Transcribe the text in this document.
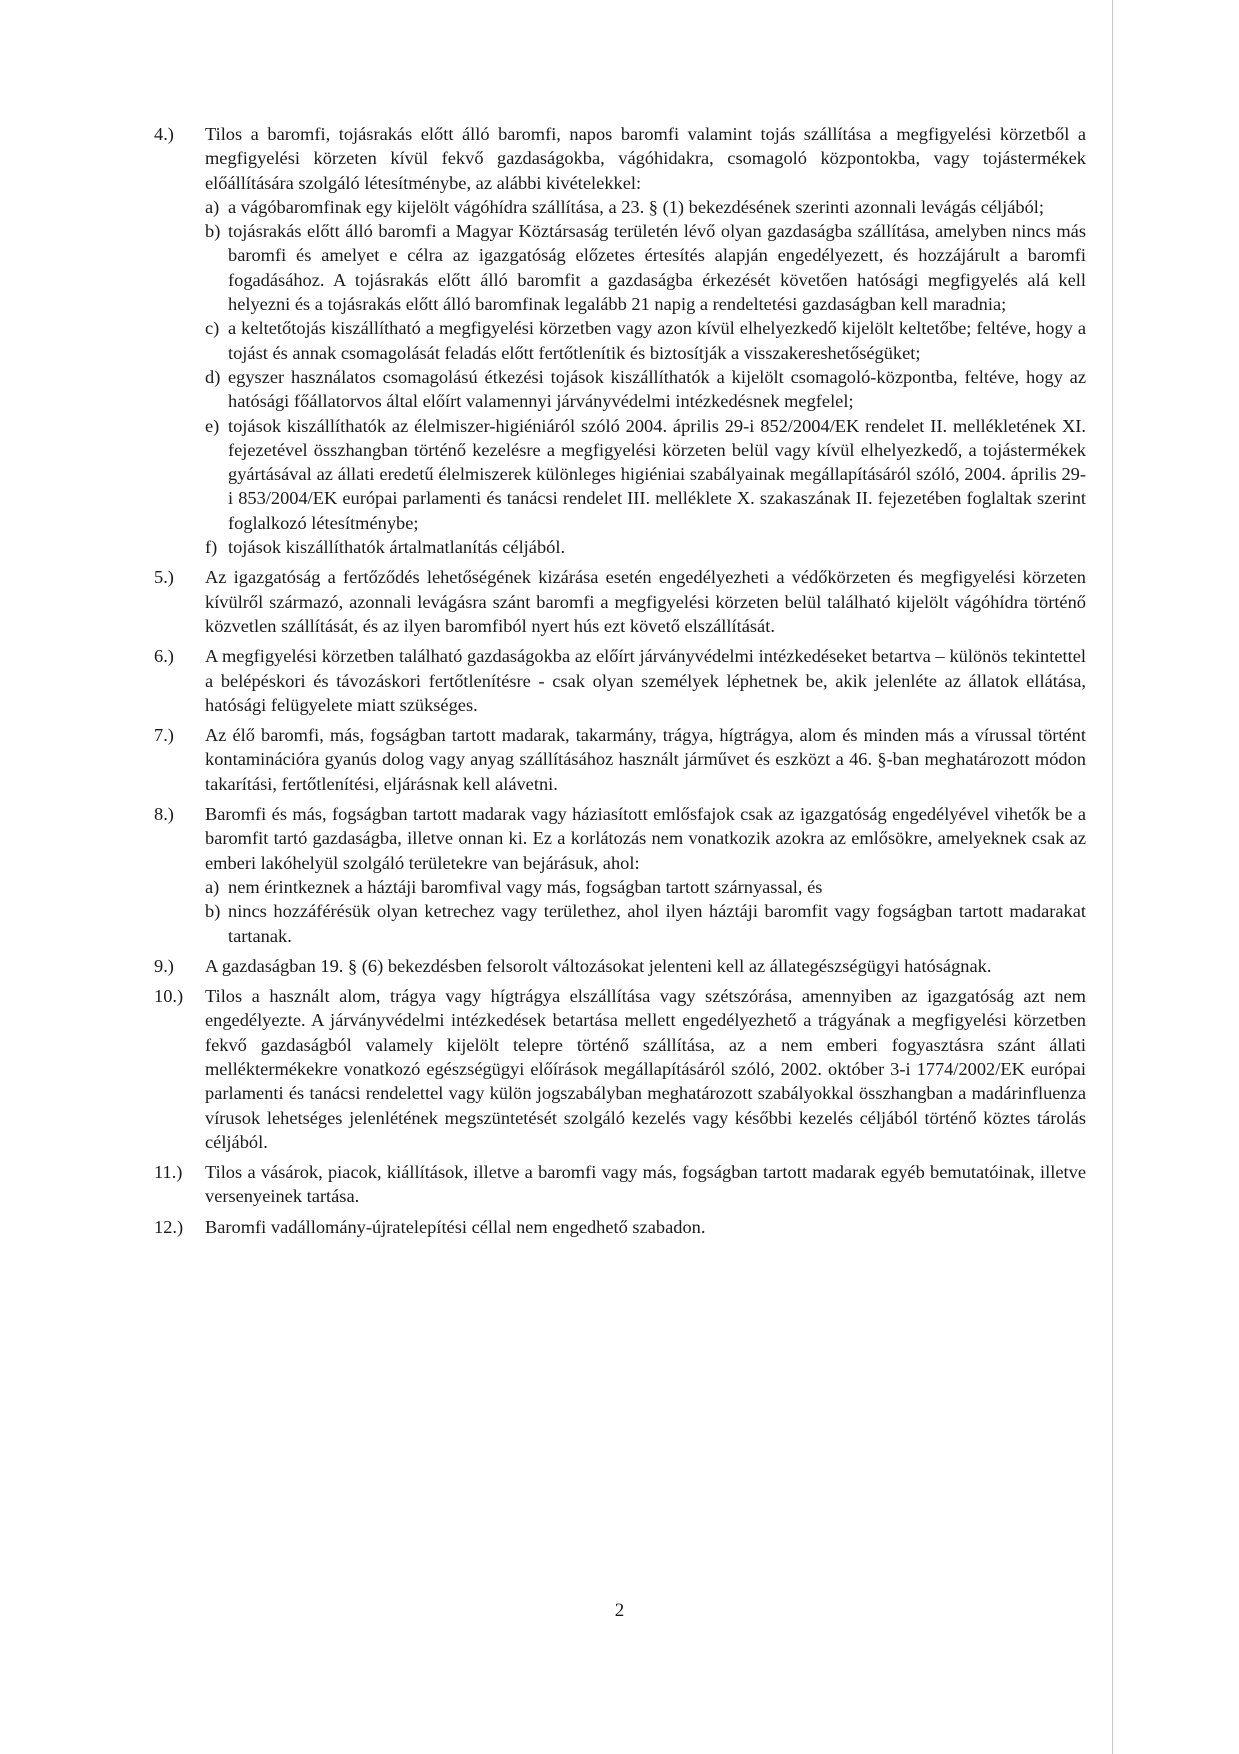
4.)	Tilos a baromfi, tojásrakás előtt álló baromfi, napos baromfi valamint tojás szállítása a megfigyelési körzetből a megfigyelési körzeten kívül fekvő gazdaságokba, vágóhidakra, csomagoló központokba, vagy tojástermékek előállítására szolgáló létesítménybe, az alábbi kivételekkel:
a) a vágóbaromfinak egy kijelölt vágóhídra szállítása, a 23. § (1) bekezdésének szerinti azonnali levágás céljából;
b) tojásrakás előtt álló baromfi a Magyar Köztársaság területén lévő olyan gazdaságba szállítása, amelyben nincs más baromfi és amelyet e célra az igazgatóság előzetes értesítés alapján engedélyezett, és hozzájárult a baromfi fogadásához. A tojásrakás előtt álló baromfit a gazdaságba érkezését követően hatósági megfigyelés alá kell helyezni és a tojásrakás előtt álló baromfinak legalább 21 napig a rendeltetési gazdaságban kell maradnia;
c) a keltetőtojás kiszállítható a megfigyelési körzetben vagy azon kívül elhelyezkedő kijelölt keltetőbe; feltéve, hogy a tojást és annak csomagolását feladás előtt fertőtlenítik és biztosítják a visszakereshetőségüket;
d) egyszer használatos csomagolású étkezési tojások kiszállíthatók a kijelölt csomagoló-központba, feltéve, hogy az hatósági főállatorvos által előírt valamennyi járványvédelmi intézkedésnek megfelel;
e) tojások kiszállíthatók az élelmiszer-higiéniáról szóló 2004. április 29-i 852/2004/EK rendelet II. mellékletének XI. fejezetével összhangban történő kezelésre a megfigyelési körzeten belül vagy kívül elhelyezkedő, a tojástermékek gyártásával az állati eredetű élelmiszerek különleges higiéniai szabályainak megállapításáról szóló, 2004. április 29-i 853/2004/EK európai parlamenti és tanácsi rendelet III. melléklete X. szakaszának II. fejezetében foglaltak szerint foglalkozó létesítménybe;
f) tojások kiszállíthatók ártalmatlanítás céljából.
5.)	Az igazgatóság a fertőződés lehetőségének kizárása esetén engedélyezheti a védőkörzeten és megfigyelési körzeten kívülről származó, azonnali levágásra szánt baromfi a megfigyelési körzeten belül található kijelölt vágóhídra történő közvetlen szállítását, és az ilyen baromfiból nyert hús ezt követő elszállítását.
6.)	A megfigyelési körzetben található gazdaságokba az előírt járványvédelmi intézkedéseket betartva – különös tekintettel a belépéskori és távozáskori fertőtlenítésre - csak olyan személyek léphetnek be, akik jelenléte az állatok ellátása, hatósági felügyelete miatt szükséges.
7.)	Az élő baromfi, más, fogságban tartott madarak, takarmány, trágya, hígtrágya, alom és minden más a vírussal történt kontaminációra gyanús dolog vagy anyag szállításához használt járművet és eszközt a 46. §-ban meghatározott módon takarítási, fertőtlenítési, eljárásnak kell alávetni.
8.)	Baromfi és más, fogságban tartott madarak vagy háziasított emlősfajok csak az igazgatóság engedélyével vihetők be a baromfit tartó gazdaságba, illetve onnan ki. Ez a korlátozás nem vonatkozik azokra az emlősökre, amelyeknek csak az emberi lakóhelyül szolgáló területekre van bejárásuk, ahol:
a) nem érintkeznek a háztáji baromfival vagy más, fogságban tartott szárnyassal, és
b) nincs hozzáférésük olyan ketrechez vagy területhez, ahol ilyen háztáji baromfit vagy fogságban tartott madarakat tartanak.
9.)	A gazdaságban 19. § (6) bekezdésben felsorolt változásokat jelenteni kell az állategészségügyi hatóságnak.
10.)	Tilos a használt alom, trágya vagy hígtrágya elszállítása vagy szétszórása, amennyiben az igazgatóság azt nem engedélyezte. A járványvédelmi intézkedések betartása mellett engedélyezhető a trágyának a megfigyelési körzetben fekvő gazdaságból valamely kijelölt telepre történő szállítása, az a nem emberi fogyasztásra szánt állati melléktermékekre vonatkozó egészségügyi előírások megállapításáról szóló, 2002. október 3-i 1774/2002/EK európai parlamenti és tanácsi rendelettel vagy külön jogszabályban meghatározott szabályokkal összhangban a madárinfluenza vírusok lehetséges jelenlétének megszüntetését szolgáló kezelés vagy későbbi kezelés céljából történő köztes tárolás céljából.
11.)	Tilos a vásárok, piacok, kiállítások, illetve a baromfi vagy más, fogságban tartott madarak egyéb bemutatóinak, illetve versenyeinek tartása.
12.)	Baromfi vadállomány-újratelepítési céllal nem engedhető szabadon.
2
